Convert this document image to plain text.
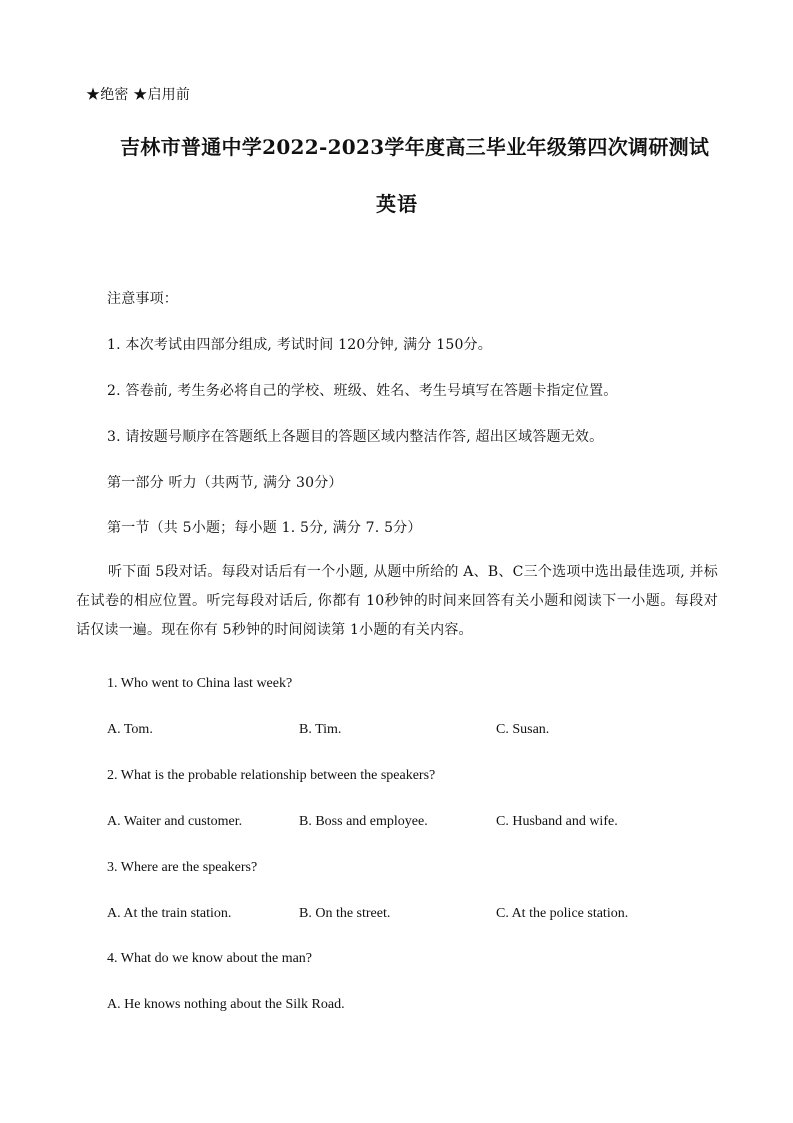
★绝密 ★启用前
吉林市普通中学2022-2023学年度高三毕业年级第四次调研测试
英语
注意事项：
1. 本次考试由四部分组成, 考试时间 120分钟, 满分 150分。
2. 答卷前, 考生务必将自己的学校、班级、姓名、考生号填写在答题卡指定位置。
3. 请按题号顺序在答题纸上各题目的答题区域内整洁作答, 超出区域答题无效。
第一部分 听力（共两节, 满分 30分）
第一节（共 5小题；每小题 1. 5分, 满分 7. 5分）
听下面 5段对话。每段对话后有一个小题, 从题中所给的 A、B、C三个选项中选出最佳选项, 并标在试卷的相应位置。听完每段对话后, 你都有 10秒钟的时间来回答有关小题和阅读下一小题。每段对话仅读一遍。现在你有 5秒钟的时间阅读第 1小题的有关内容。
1. Who went to China last week?
A. Tom.	B. Tim.	C. Susan.
2. What is the probable relationship between the speakers?
A. Waiter and customer.	B. Boss and employee.	C. Husband and wife.
3. Where are the speakers?
A. At the train station.	B. On the street.	C. At the police station.
4. What do we know about the man?
A. He knows nothing about the Silk Road.
